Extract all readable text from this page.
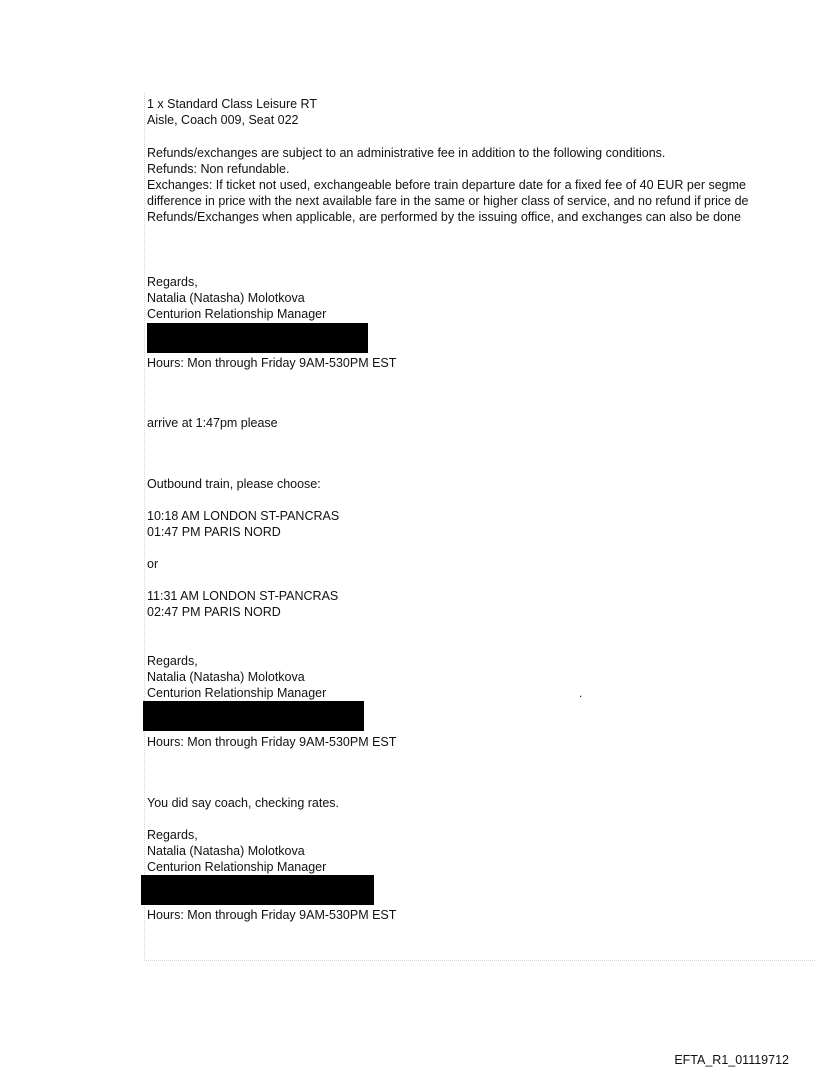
1 x Standard Class Leisure RT
Aisle, Coach 009, Seat 022
Refunds/exchanges are subject to an administrative fee in addition to the following conditions.
Refunds: Non refundable.
Exchanges: If ticket not used, exchangeable before train departure date for a fixed fee of 40 EUR per segme
difference in price with the next available fare in the same or higher class of service, and no refund if price de
Refunds/Exchanges when applicable, are performed by the issuing office, and exchanges can also be done
Regards,
Natalia (Natasha) Molotkova
Centurion Relationship Manager
Hours: Mon through Friday 9AM-530PM EST
arrive at 1:47pm please
Outbound train, please choose:
10:18 AM LONDON ST-PANCRAS
01:47 PM PARIS NORD
or
11:31 AM LONDON ST-PANCRAS
02:47 PM PARIS NORD
Regards,
Natalia (Natasha) Molotkova
Centurion Relationship Manager	.
Hours: Mon through Friday 9AM-530PM EST
You did say coach, checking rates.
Regards,
Natalia (Natasha) Molotkova
Centurion Relationship Manager
Hours: Mon through Friday 9AM-530PM EST
EFTA_R1_01119712
